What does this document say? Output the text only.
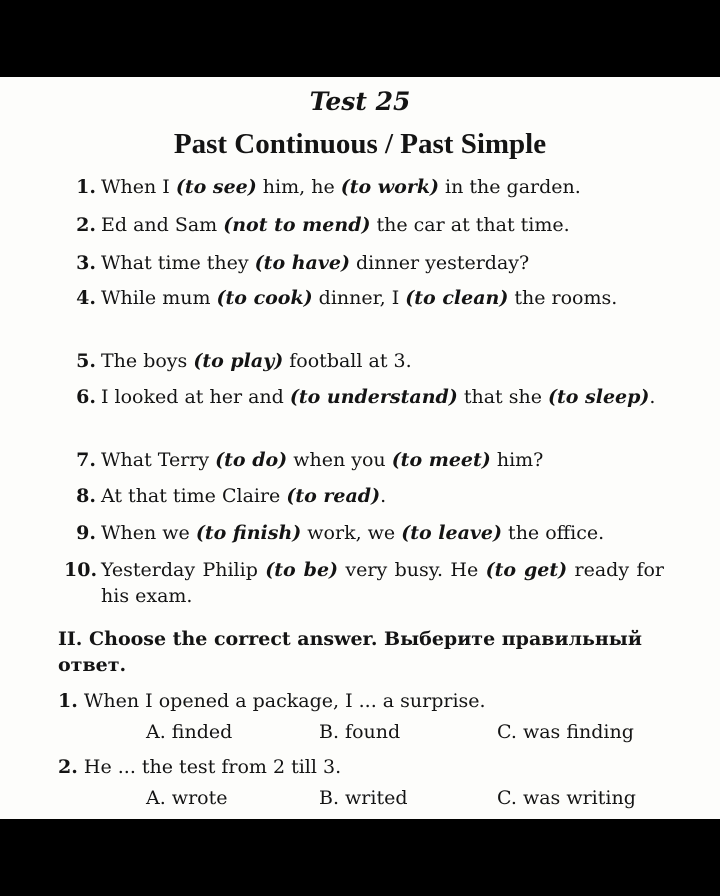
Test 25
Past Continuous / Past Simple
1. When I (to see) him, he (to work) in the garden.
2. Ed and Sam (not to mend) the car at that time.
3. What time they (to have) dinner yesterday?
4. While mum (to cook) dinner, I (to clean) the rooms.
5. The boys (to play) football at 3.
6. I looked at her and (to understand) that she (to sleep).
7. What Terry (to do) when you (to meet) him?
8. At that time Claire (to read).
9. When we (to finish) work, we (to leave) the office.
10. Yesterday Philip (to be) very busy. He (to get) ready for his exam.
II. Choose the correct answer. Выберите правильный ответ.
1. When I opened a package, I ... a surprise.
A. finded	B. found	C. was finding
2. He ... the test from 2 till 3.
A. wrote	B. writed	C. was writing
